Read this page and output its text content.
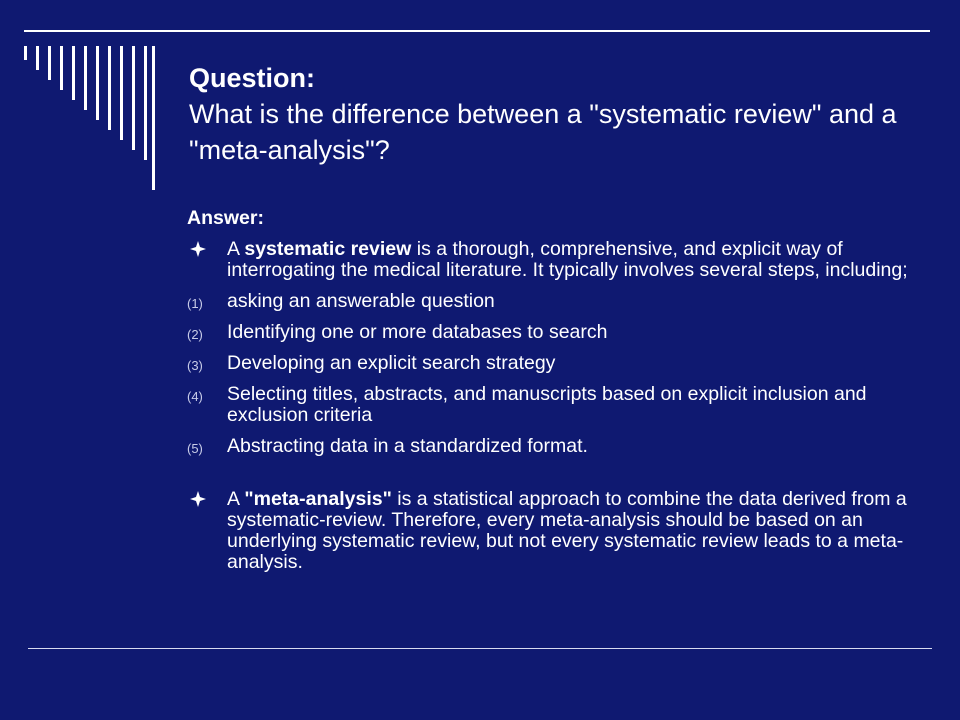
Question:
What is the difference between a "systematic review" and a "meta-analysis"?
Answer:
A systematic review is a thorough, comprehensive, and explicit way of interrogating the medical literature. It typically involves several steps, including;
(1) asking an answerable question
(2) Identifying one or more databases to search
(3) Developing an explicit search strategy
(4) Selecting titles, abstracts, and manuscripts based on explicit inclusion and exclusion criteria
(5) Abstracting data in a standardized format.
A "meta-analysis" is a statistical approach to combine the data derived from a systematic-review. Therefore, every meta-analysis should be based on an underlying systematic review, but not every systematic review leads to a meta-analysis.
